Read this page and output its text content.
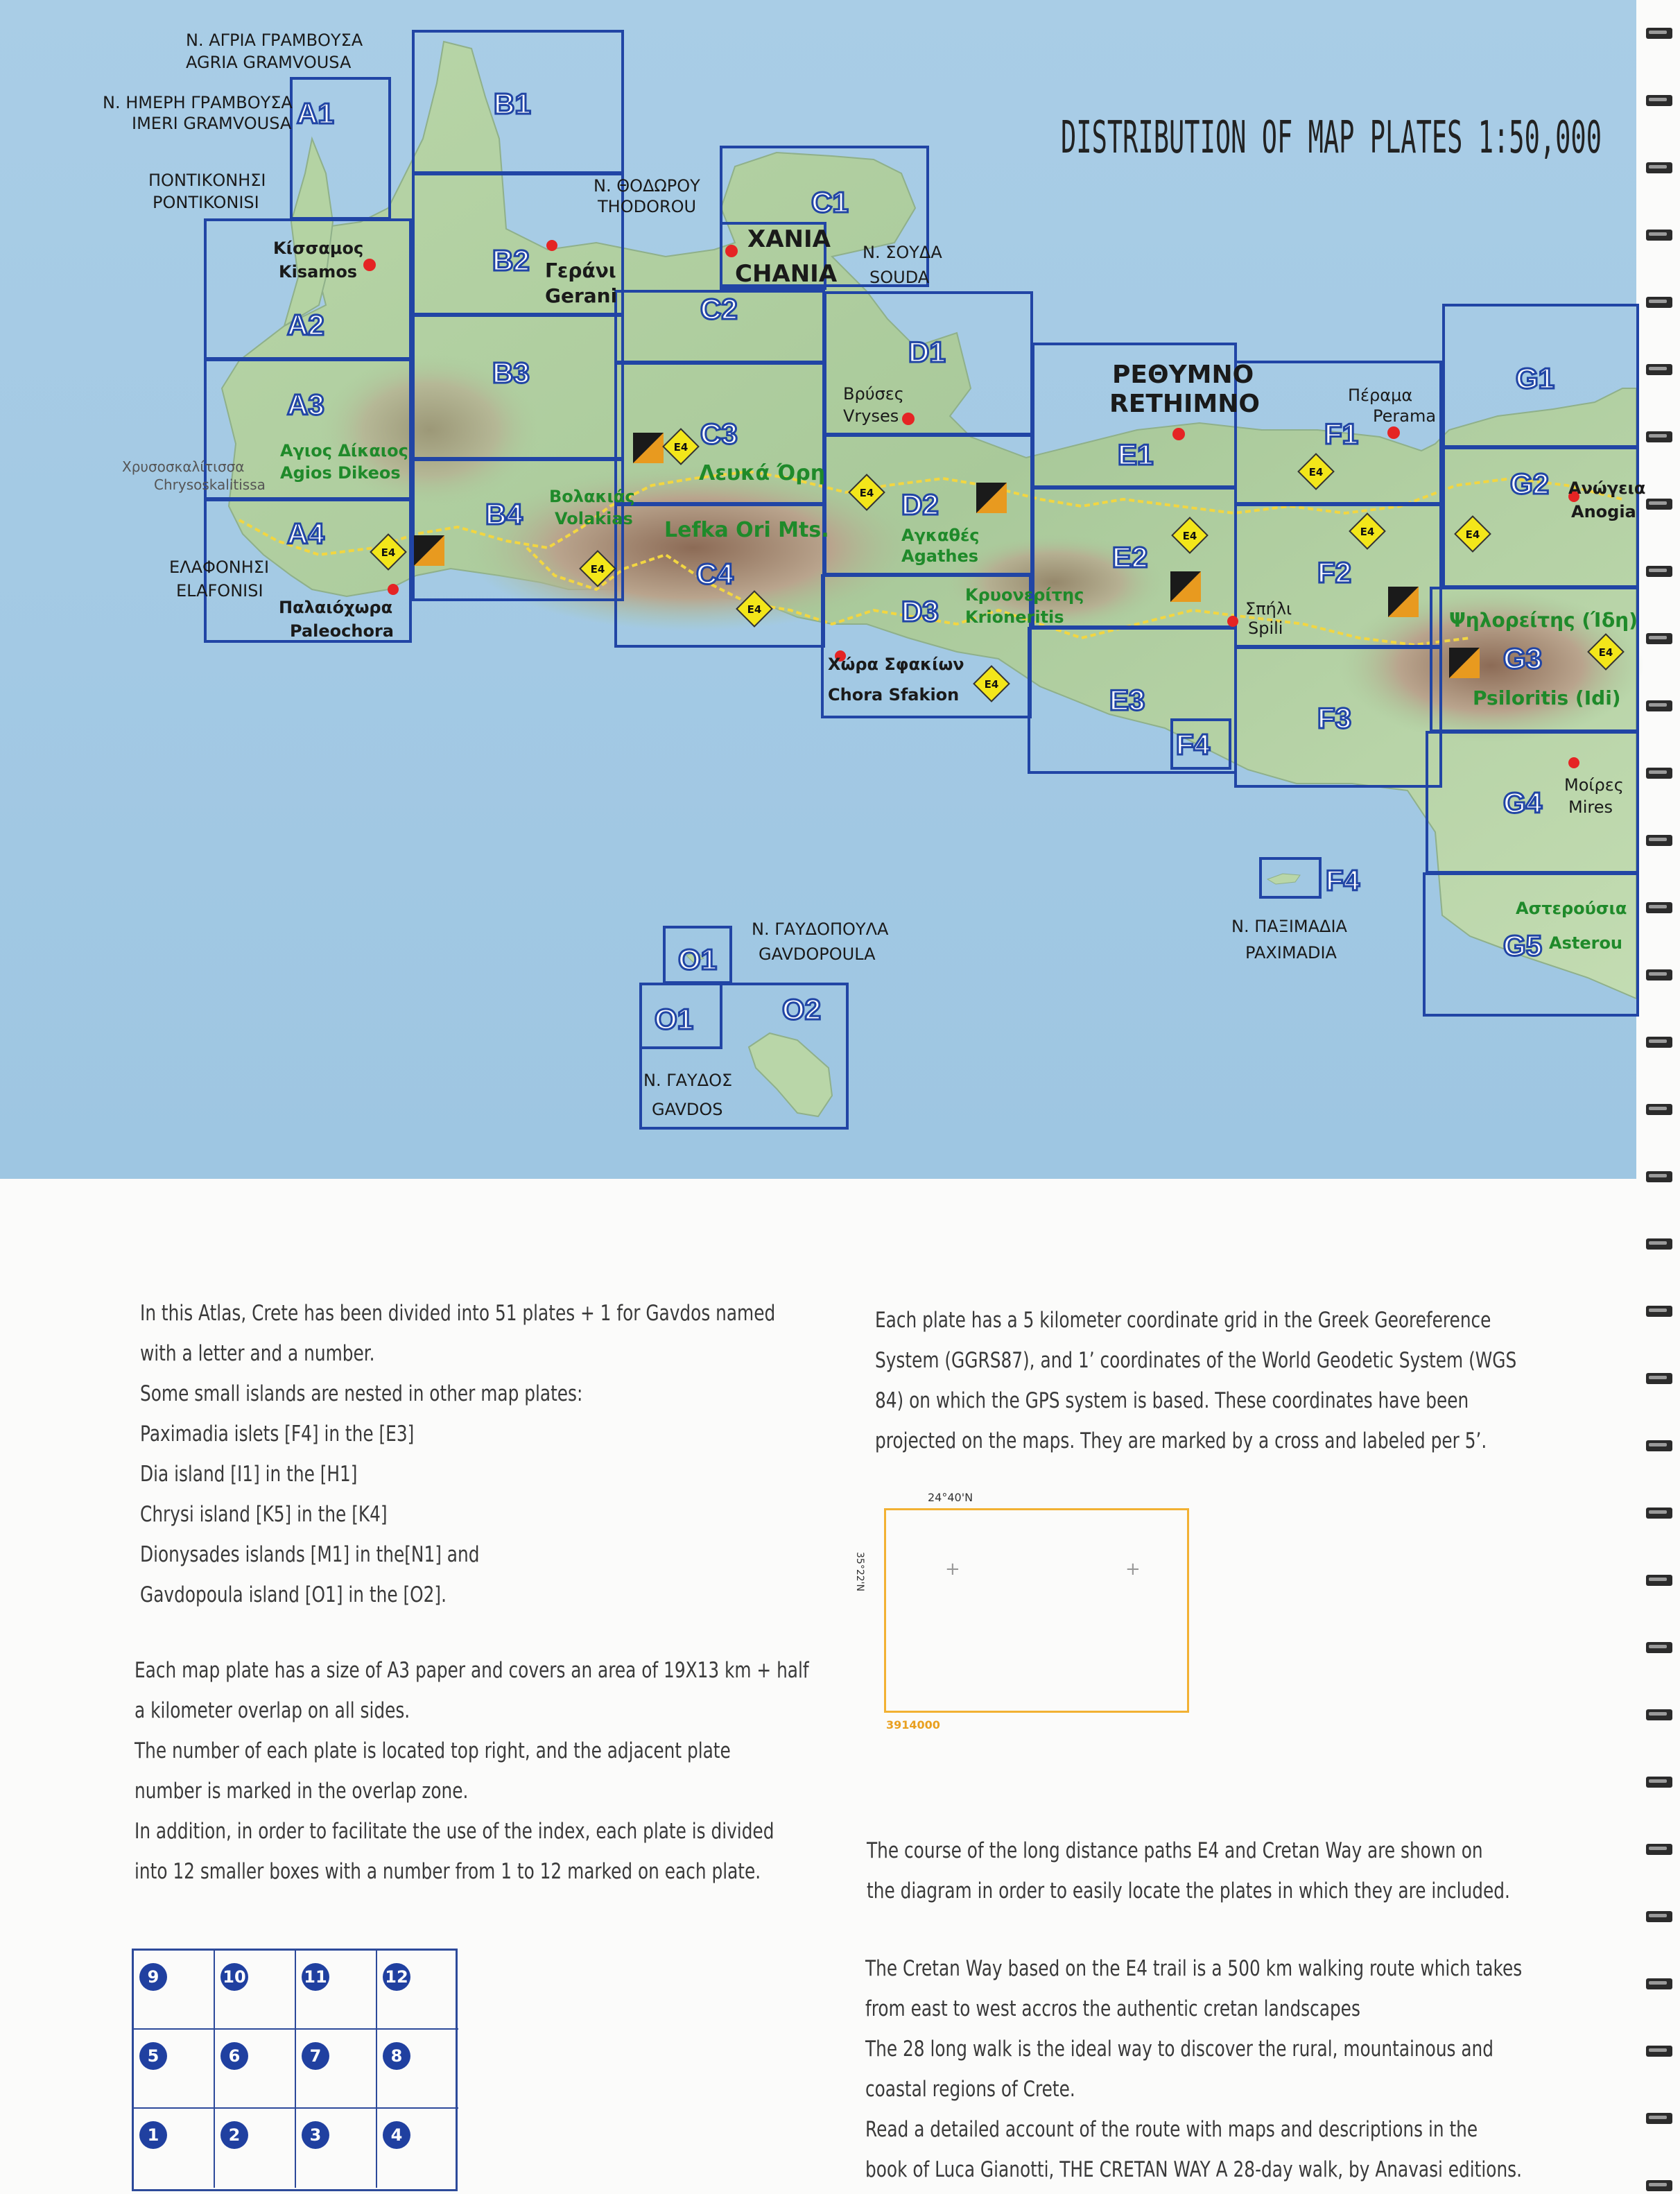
E4
E4
E4
E4
E4
E4
E4
E4
E4	E4
E4
A1
A2
A3
A4
B1
B2
B3
B4
C1
C2
C3
C4
D1
D2
D3
E1
E2
E3
F1
F2
F3
F4
F4
G1
G2
G3
G4
G5
O1
O1	O2
DISTRIBUTION OF MAP PLATES 1:50,000
Ν. ΑΓΡΙΑ ΓΡΑΜΒΟΥΣΑ
AGRIA GRAMVOUSA
Ν. ΗΜΕΡΗ ΓΡΑΜΒΟΥΣΑ
IMERI GRAMVOUSA
ΠΟΝΤΙΚΟΝΗΣΙ
PONTIKONISI
Κίσσαμος
Kisamos	Γεράνι
Gerani
Ν. ΘΟΔΩΡΟΥ
THODOROU
ΧΑΝΙΑ
CHANIA
Ν. ΣΟΥΔΑ
SOUDA
Βρύσες
Vryses
ΡΕΘΥΜΝΟ
RETHIMNO	Πέραμα
Perama
Ανώγεια
Anogia
Χρυσοσκαλίτισσα
Chrysoskalitissa
ΕΛΑΦΟΝΗΣΙ
ELAFONISI
Παλαιόχωρα
Paleochora
Χώρα Σφακίων
Chora Sfakion
Σπήλι
Spili
Μοίρες
Mires
Ν. ΠΑΞΙΜΑΔΙΑ
PAXIMADIA
Ν. ΓΑΥΔΟΠΟΥΛΑ
GAVDOPOULA
Ν. ΓΑΥΔΟΣ
GAVDOS
Αγιος Δίκαιος
Agios Dikeos
Βολακιάς
Volakias
Λευκά Όρη
Lefka Ori Mts.	Αγκαθές
Agathes
Κρυονερίτης
Krioneritis	Ψηλορείτης (Ίδη)
Psiloritis (Idi)
Αστερούσια
Asterou

In this Atlas, Crete has been divided into 51 plates + 1 for Gavdos named

with a letter and a number.

Some small islands are nested in other map plates:

Paximadia islets [F4] in the [E3]

Dia island [I1] in the [H1]

Chrysi island [K5] in the [K4]

Dionysades islands [M1] in the[N1] and

Gavdopoula island [O1] in the [O2].

Each map plate has a size of A3 paper and covers an area of 19X13 km + half

a kilometer overlap on all sides.

The number of each plate is located top right, and the adjacent plate

number is marked in the overlap zone.

In addition, in order to facilitate the use of the index, each plate is divided

into 12 smaller boxes with a number from 1 to 12 marked on each plate.

Each plate has a 5 kilometer coordinate grid in the Greek Georeference

System (GGRS87), and 1’ coordinates of the World Geodetic System (WGS

84) on which the GPS system is based. These coordinates have been

projected on the maps. They are marked by a cross and labeled per 5’.

The course of the long distance paths E4 and Cretan Way are shown on

the diagram in order to easily locate the plates in which they are included.

The Cretan Way based on the E4 trail is a 500 km walking route which takes

from east to west accros the authentic cretan landscapes

The 28 long walk is the ideal way to discover the rural, mountainous and

coastal regions of Crete.

Read a detailed account of the route with maps and descriptions in the

book of Luca Gianotti, THE CRETAN WAY A 28-day walk, by Anavasi editions.

24°40'N
35°22'N	+	+
3914000
9	10	11	12
5	6	7	8
1	2	3	4
